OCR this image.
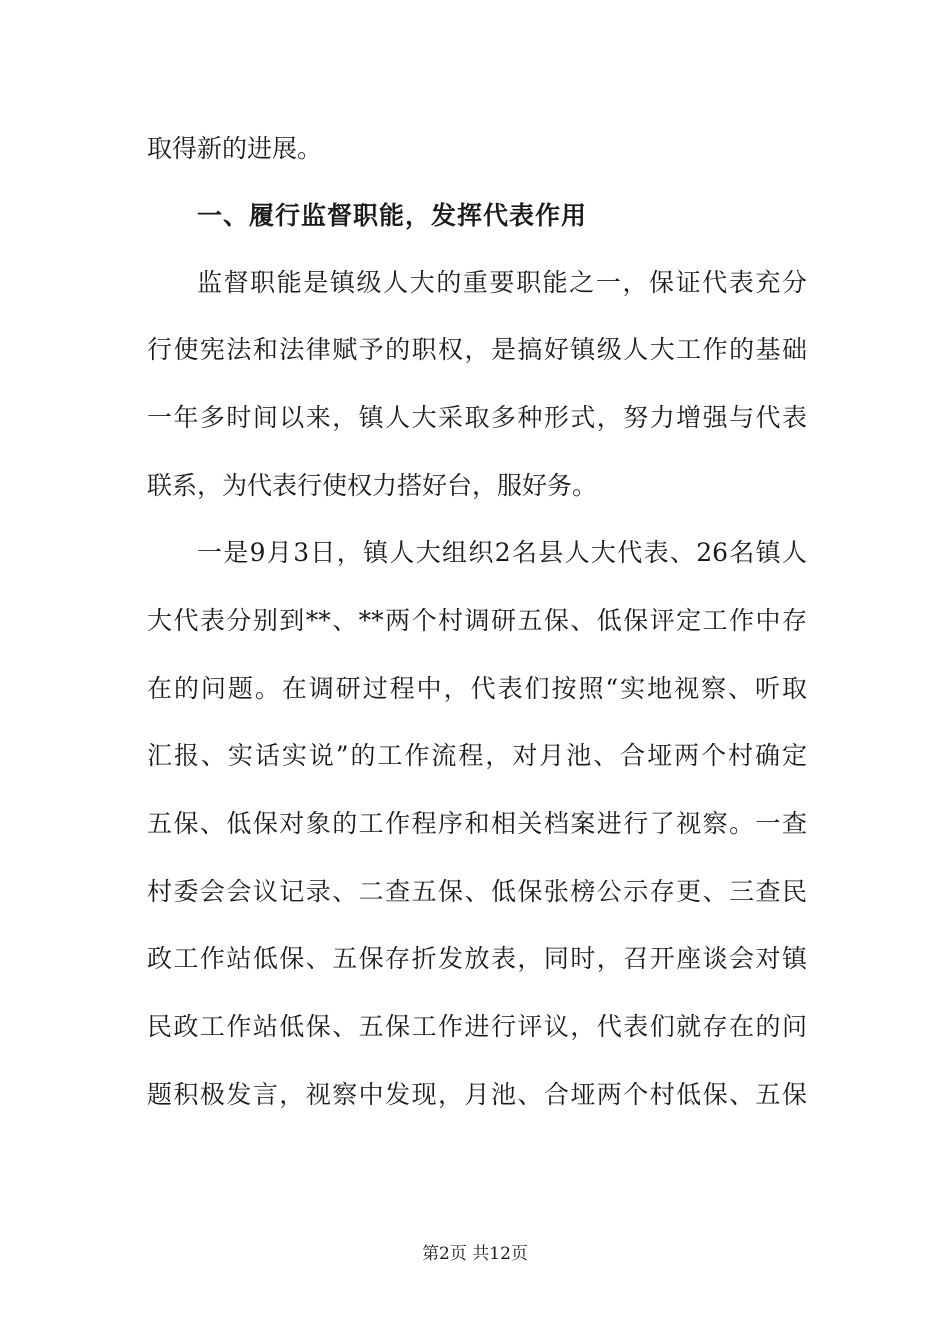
取得新的进展。
一、履行监督职能，发挥代表作用
监督职能是镇级人大的重要职能之一，保证代表充分
行使宪法和法律赋予的职权，是搞好镇级人大工作的基础
一年多时间以来，镇人大采取多种形式，努力增强与代表
联系，为代表行使权力搭好台，服好务。
一是9月3日，镇人大组织2名县人大代表、26名镇人
大代表分别到**、**两个村调研五保、低保评定工作中存
在的问题。在调研过程中，代表们按照“实地视察、听取
汇报、实话实说”的工作流程，对月池、合垭两个村确定
五保、低保对象的工作程序和相关档案进行了视察。一查
村委会会议记录、二查五保、低保张榜公示存更、三查民
政工作站低保、五保存折发放表，同时，召开座谈会对镇
民政工作站低保、五保工作进行评议，代表们就存在的问
题积极发言，视察中发现，月池、合垭两个村低保、五保
第2页 共12页
